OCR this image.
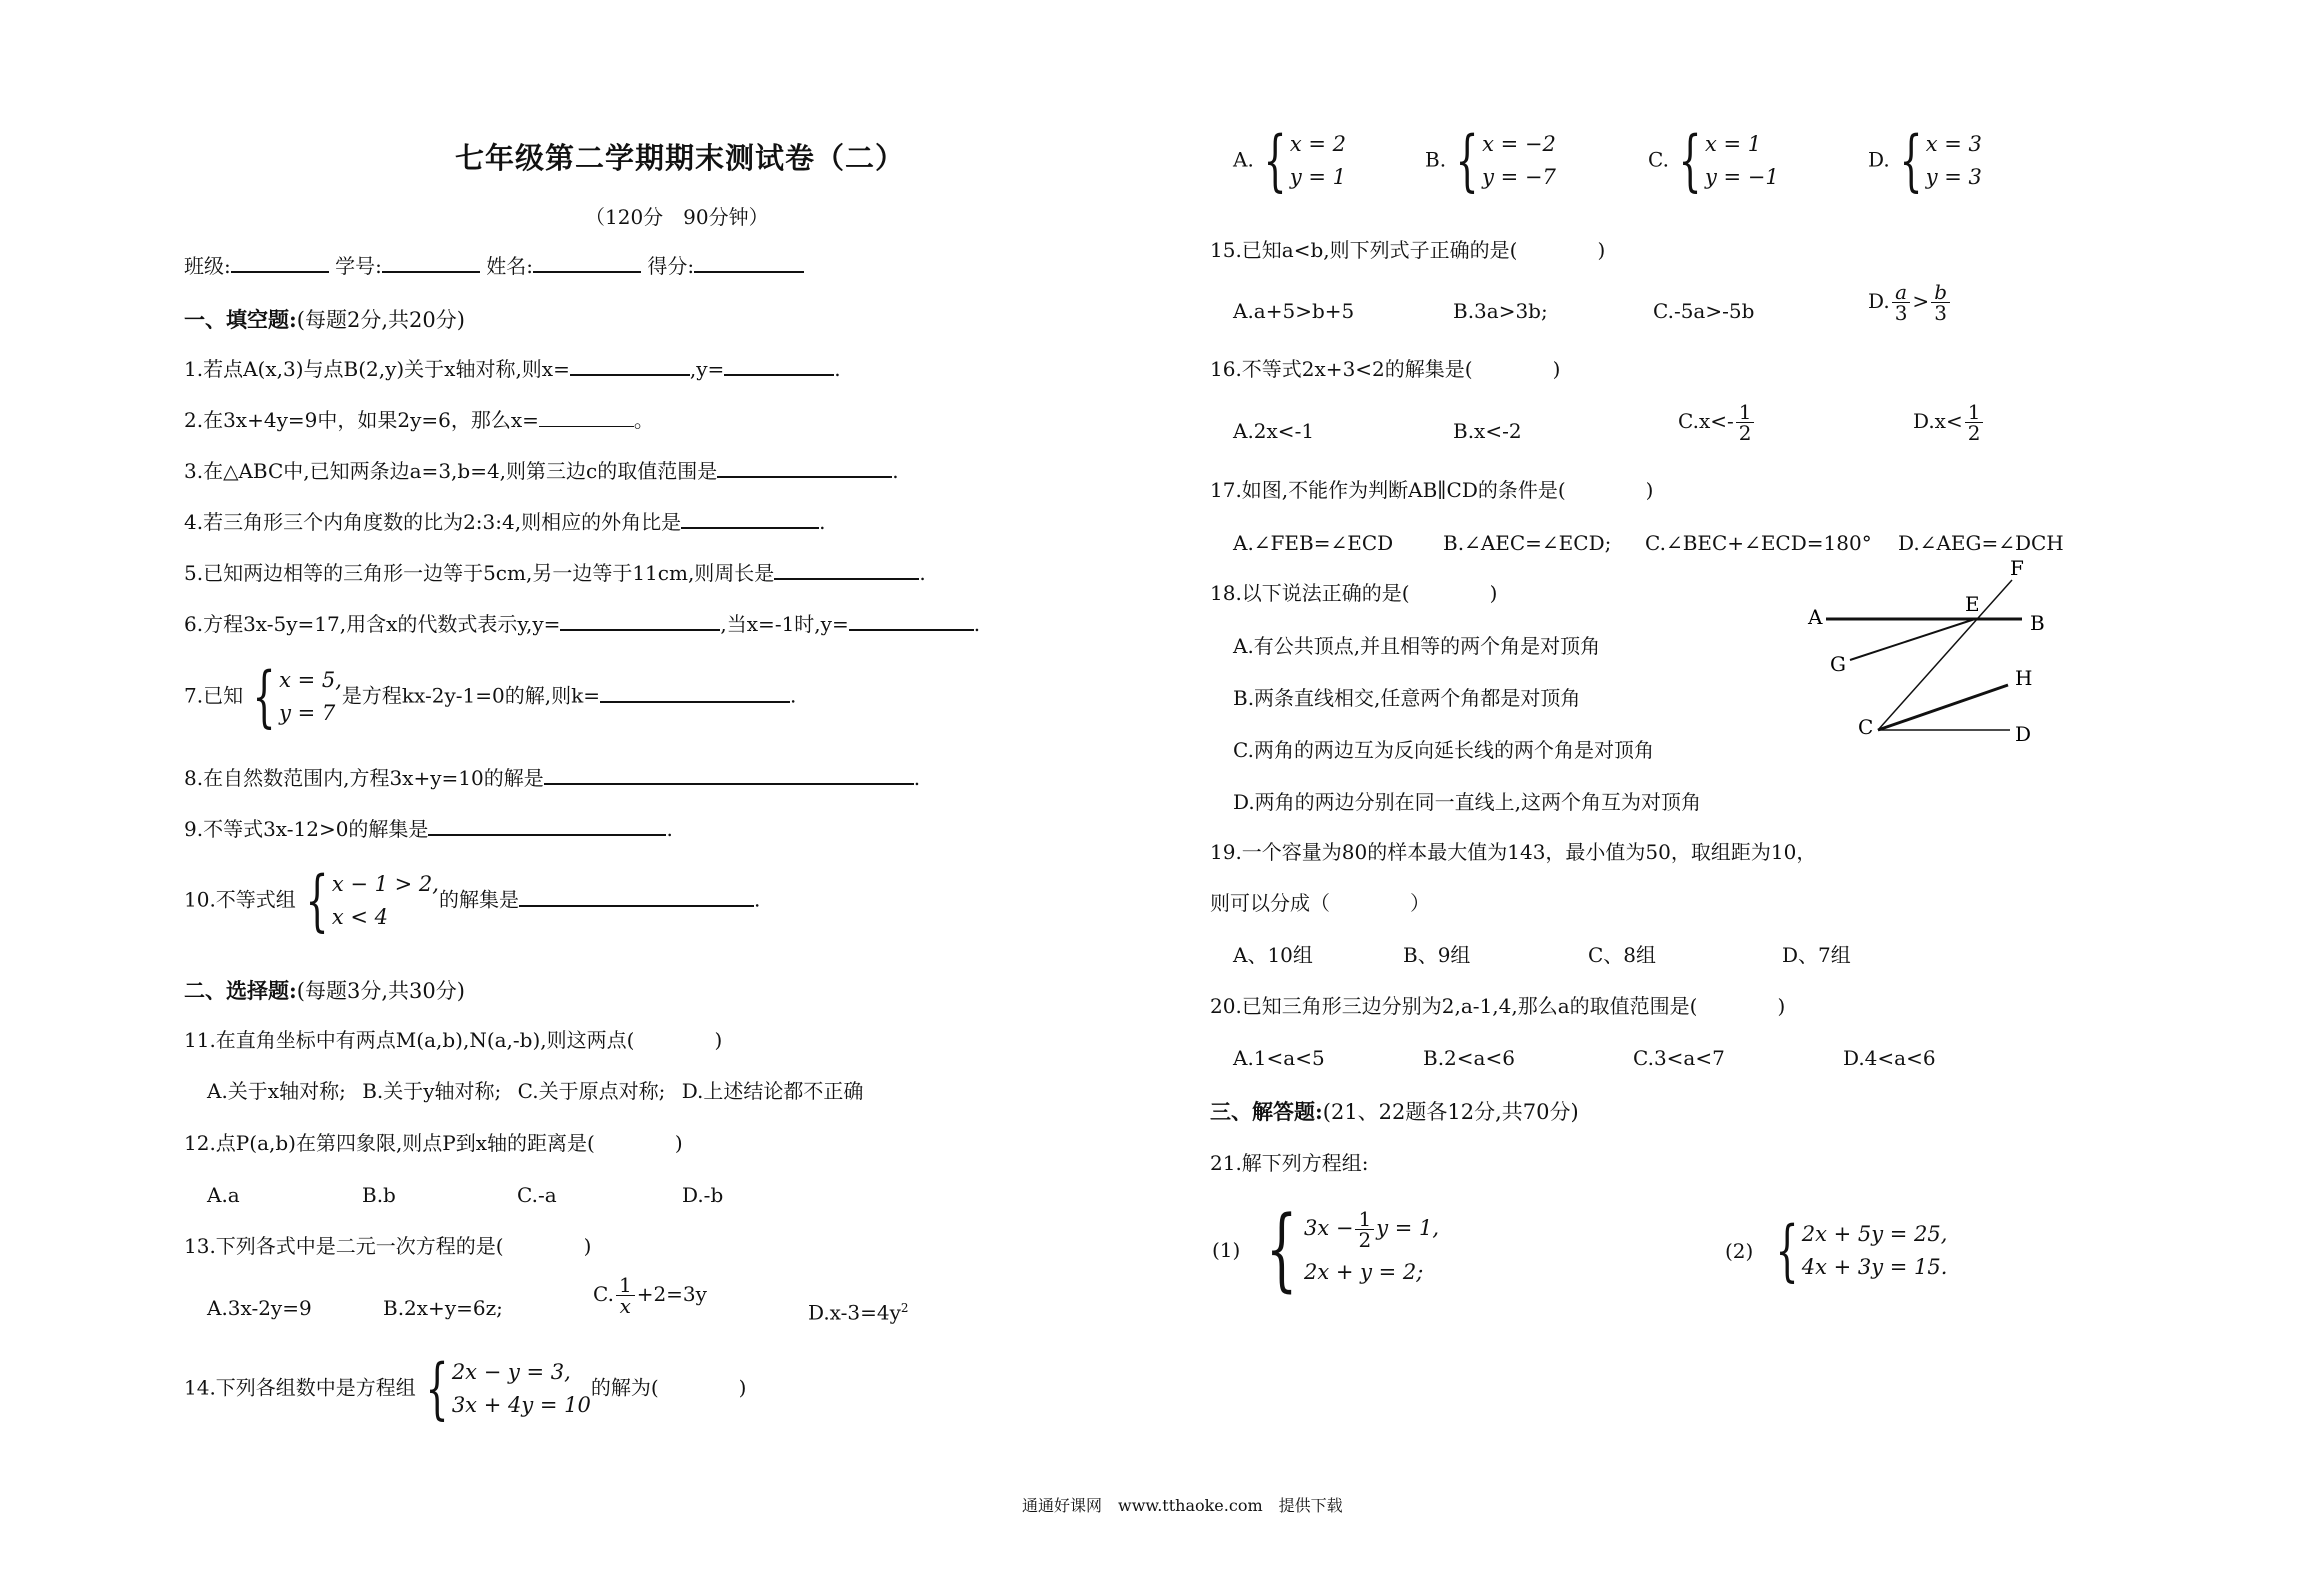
七年级第二学期期末测试卷（二）
（120分　90分钟）
班级:	学号:	姓名:	得分:
一、填空题:(每题2分,共20分)
1.若点A(x,3)与点B(2,y)关于x轴对称,则x=	,y=	.
2.在3x+4y=9中，如果2y=6，那么x=	。
3.在△ABC中,已知两条边a=3,b=4,则第三边c的取值范围是	.
4.若三角形三个内角度数的比为2:3:4,则相应的外角比是	.
5.已知两边相等的三角形一边等于5cm,另一边等于11cm,则周长是	.
6.方程3x-5y=17,用含x的代数式表示y,y=	,当x=-1时,y=	.
7.已知 { x = 5,
y = 7
是方程kx-2y-1=0的解,则k=	.
8.在自然数范围内,方程3x+y=10的解是	.
9.不等式3x-12>0的解集是	.
10.不等式组 { x − 1 > 2,
x < 4
的解集是	.
二、选择题:(每题3分,共30分)
11.在直角坐标中有两点M(a,b),N(a,-b),则这两点(　　　　)
A.关于x轴对称; B.关于y轴对称; C.关于原点对称; D.上述结论都不正确
12.点P(a,b)在第四象限,则点P到x轴的距离是(　　　　)
A.a	B.b	C.-a	D.-b
13.下列各式中是二元一次方程的是(　　　　)
A.3x-2y=9	B.2x+y=6z;
C. $\frac{1}{x} +2=3y$
$D.x-3=4y^2$
14.下列各组数中是方程组 { 2x − y = 3,
3x + 4y = 10
的解为(　　　　)
A. { x = 2
y = 1
B. { x = −2
y = −7
C. { x = 1
y = −1
D. { x = 3
y = 3
15.已知a<b,则下列式子正确的是(　　　　)
A.a+5>b+5	B.3a>3b;	C.-5a>-5b	D. $\frac{a}{3} > \frac{b}{3}$
16.不等式2x+3<2的解集是(　　　　)
A.2x<-1	B.x<-2	$C.x<- \frac{1}{2}$	$D.x< \frac{1}{2}$
17.如图,不能作为判断AB∥CD的条件是(　　　　)
A.∠FEB=∠ECD B.∠AEC=∠ECD; C.∠BEC+∠ECD=180° D.∠AEG=∠DCH
18.以下说法正确的是(　　　　)
A.有公共顶点,并且相等的两个角是对顶角
B.两条直线相交,任意两个角都是对顶角
C.两角的两边互为反向延长线的两个角是对顶角
D.两角的两边分别在同一直线上,这两个角互为对顶角
A	B
E
F
G
C
H
D
19.一个容量为80的样本最大值为143，最小值为50，取组距为10，
则可以分成（　　　　）
A、10组	B、9组	C、8组	D、7组
20.已知三角形三边分别为2,a-1,4,那么a的取值范围是(　　　　)
A.1<a<5	B.2<a<6	C.3<a<7	D.4<a<6
三、解答题:(21、22题各12分,共70分)
21.解下列方程组:
(1) { $3x - \frac{1}{2}$ y = 1,
2x + y = 2;
(2) { 2x + 5y = 25,
4x + 3y = 15.
通通好课网　www.tthaoke.com　提供下载
